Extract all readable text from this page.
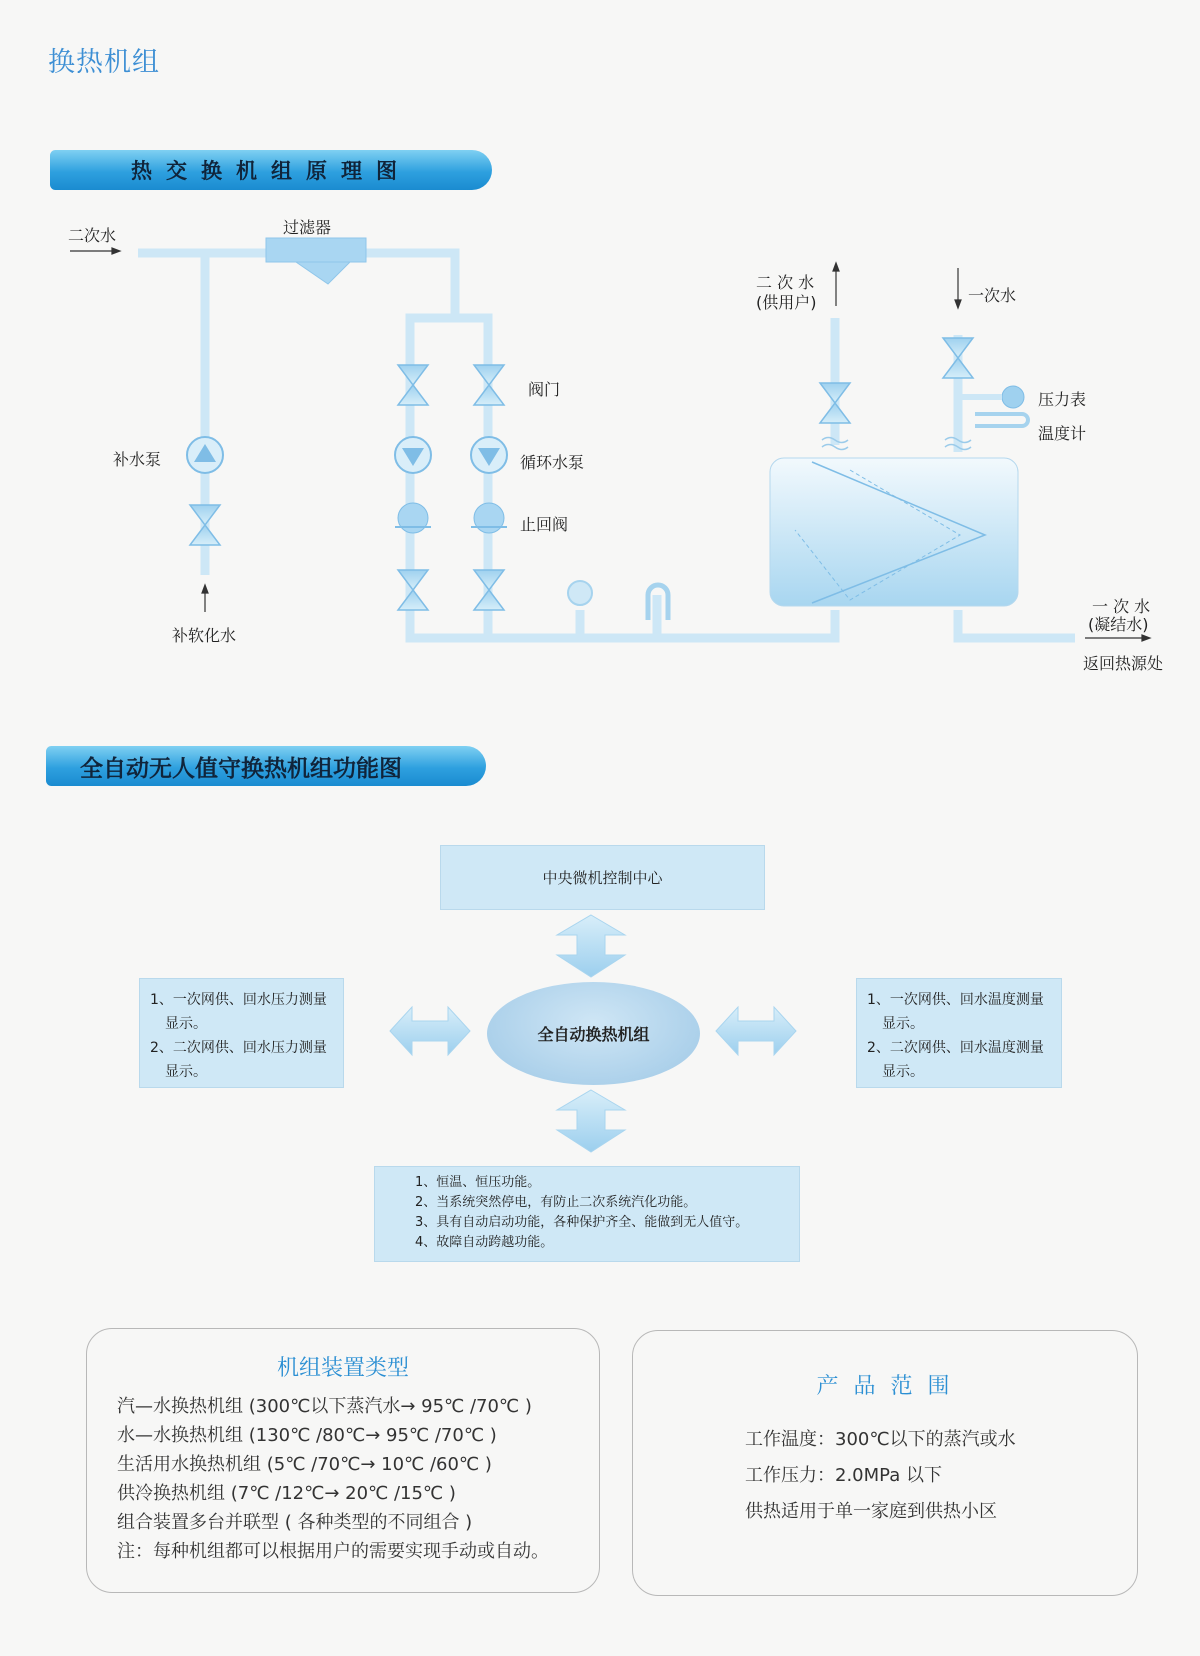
换热机组
热交换机组原理图
二次水	过滤器
阀门
循环水泵
止回阀
补水泵
补软化水
二 次 水
(供用户)	一次水
压力表
温度计
一 次 水
(凝结水)
返回热源处
全自动无人值守换热机组功能图
中央微机控制中心
全自动换热机组
1、一次网供、回水压力测量
显示。
2、二次网供、回水压力测量
显示。
1、一次网供、回水温度测量
显示。
2、二次网供、回水温度测量
显示。
1、恒温、恒压功能。
2、当系统突然停电，有防止二次系统汽化功能。
3、具有自动启动功能，各种保护齐全、能做到无人值守。
4、故障自动跨越功能。
机组装置类型
汽—水换热机组 (300℃以下蒸汽水→ 95℃ /70℃ )
水—水换热机组 (130℃ /80℃→ 95℃ /70℃ )
生活用水换热机组 (5℃ /70℃→ 10℃ /60℃ )
供冷换热机组 (7℃ /12℃→ 20℃ /15℃ )
组合装置多台并联型 ( 各种类型的不同组合 )
注：每种机组都可以根据用户的需要实现手动或自动。
产 品 范 围
工作温度：300℃以下的蒸汽或水
工作压力：2.0MPa 以下
供热适用于单一家庭到供热小区
